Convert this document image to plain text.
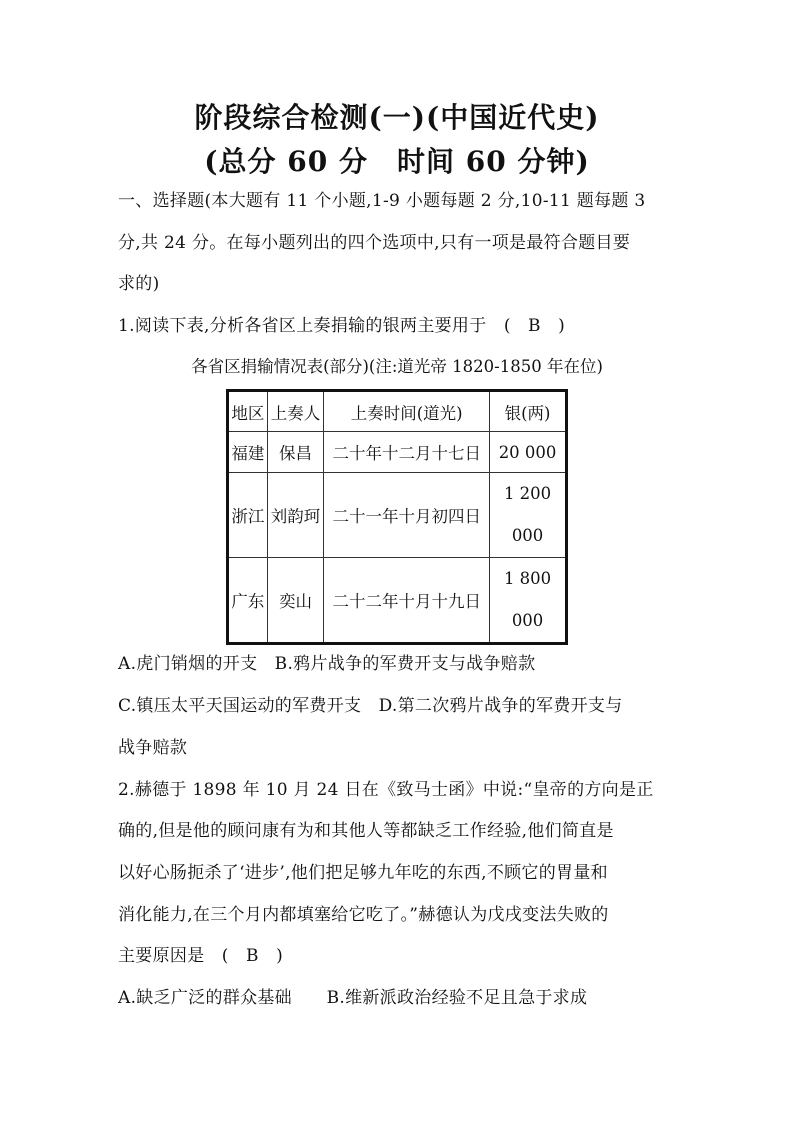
阶段综合检测(一)(中国近代史)
(总分 60 分　时间 60 分钟)
一、选择题(本大题有 11 个小题,1-9 小题每题 2 分,10-11 题每题 3
分,共 24 分。在每小题列出的四个选项中,只有一项是最符合题目要
求的)
1.阅读下表,分析各省区上奏捐输的银两主要用于　(　B　)
各省区捐输情况表(部分)(注:道光帝 1820-1850 年在位)
地区	上奏人	上奏时间(道光)	银(两)
福建	保昌	二十年十二月十七日	20 000
浙江	刘韵珂	二十一年十月初四日	1 200
000
广东	奕山	二十二年十月十九日	1 800
000
A.虎门销烟的开支　B.鸦片战争的军费开支与战争赔款
C.镇压太平天国运动的军费开支　D.第二次鸦片战争的军费开支与
战争赔款
2.赫德于 1898 年 10 月 24 日在《致马士函》中说:“皇帝的方向是正
确的,但是他的顾问康有为和其他人等都缺乏工作经验,他们简直是
以好心肠扼杀了‘进步’,他们把足够九年吃的东西,不顾它的胃量和
消化能力,在三个月内都填塞给它吃了。”赫德认为戊戌变法失败的
主要原因是　(　B　)
A.缺乏广泛的群众基础　　B.维新派政治经验不足且急于求成
